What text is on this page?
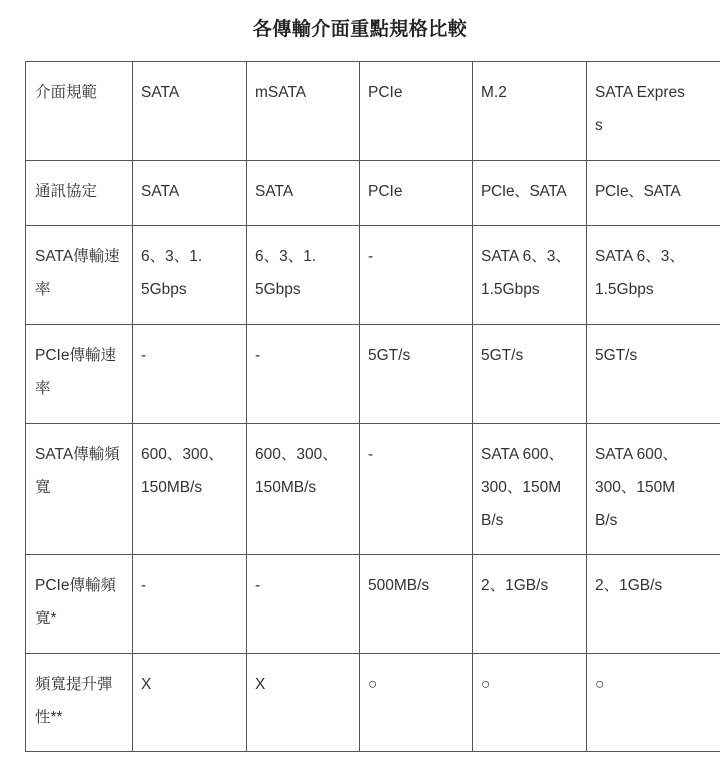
各傳輸介面重點規格比較
介面規範	SATA	mSATA	PCIe	M.2	SATA Express
通訊協定	SATA	SATA	PCIe	PCIe、SATA	PCIe、SATA
SATA傳輸速率	6、3、1.5Gbps	6、3、1.5Gbps	-	SATA 6、3、1.5Gbps	SATA 6、3、1.5Gbps
PCIe傳輸速率	-	-	5GT/s	5GT/s	5GT/s
SATA傳輸頻寬	600、300、150MB/s	600、300、150MB/s	-	SATA 600、300、150MB/s	SATA 600、300、150MB/s
PCIe傳輸頻寬*	-	-	500MB/s	2、1GB/s	2、1GB/s
頻寬提升彈性**	X	X	○	○	○
